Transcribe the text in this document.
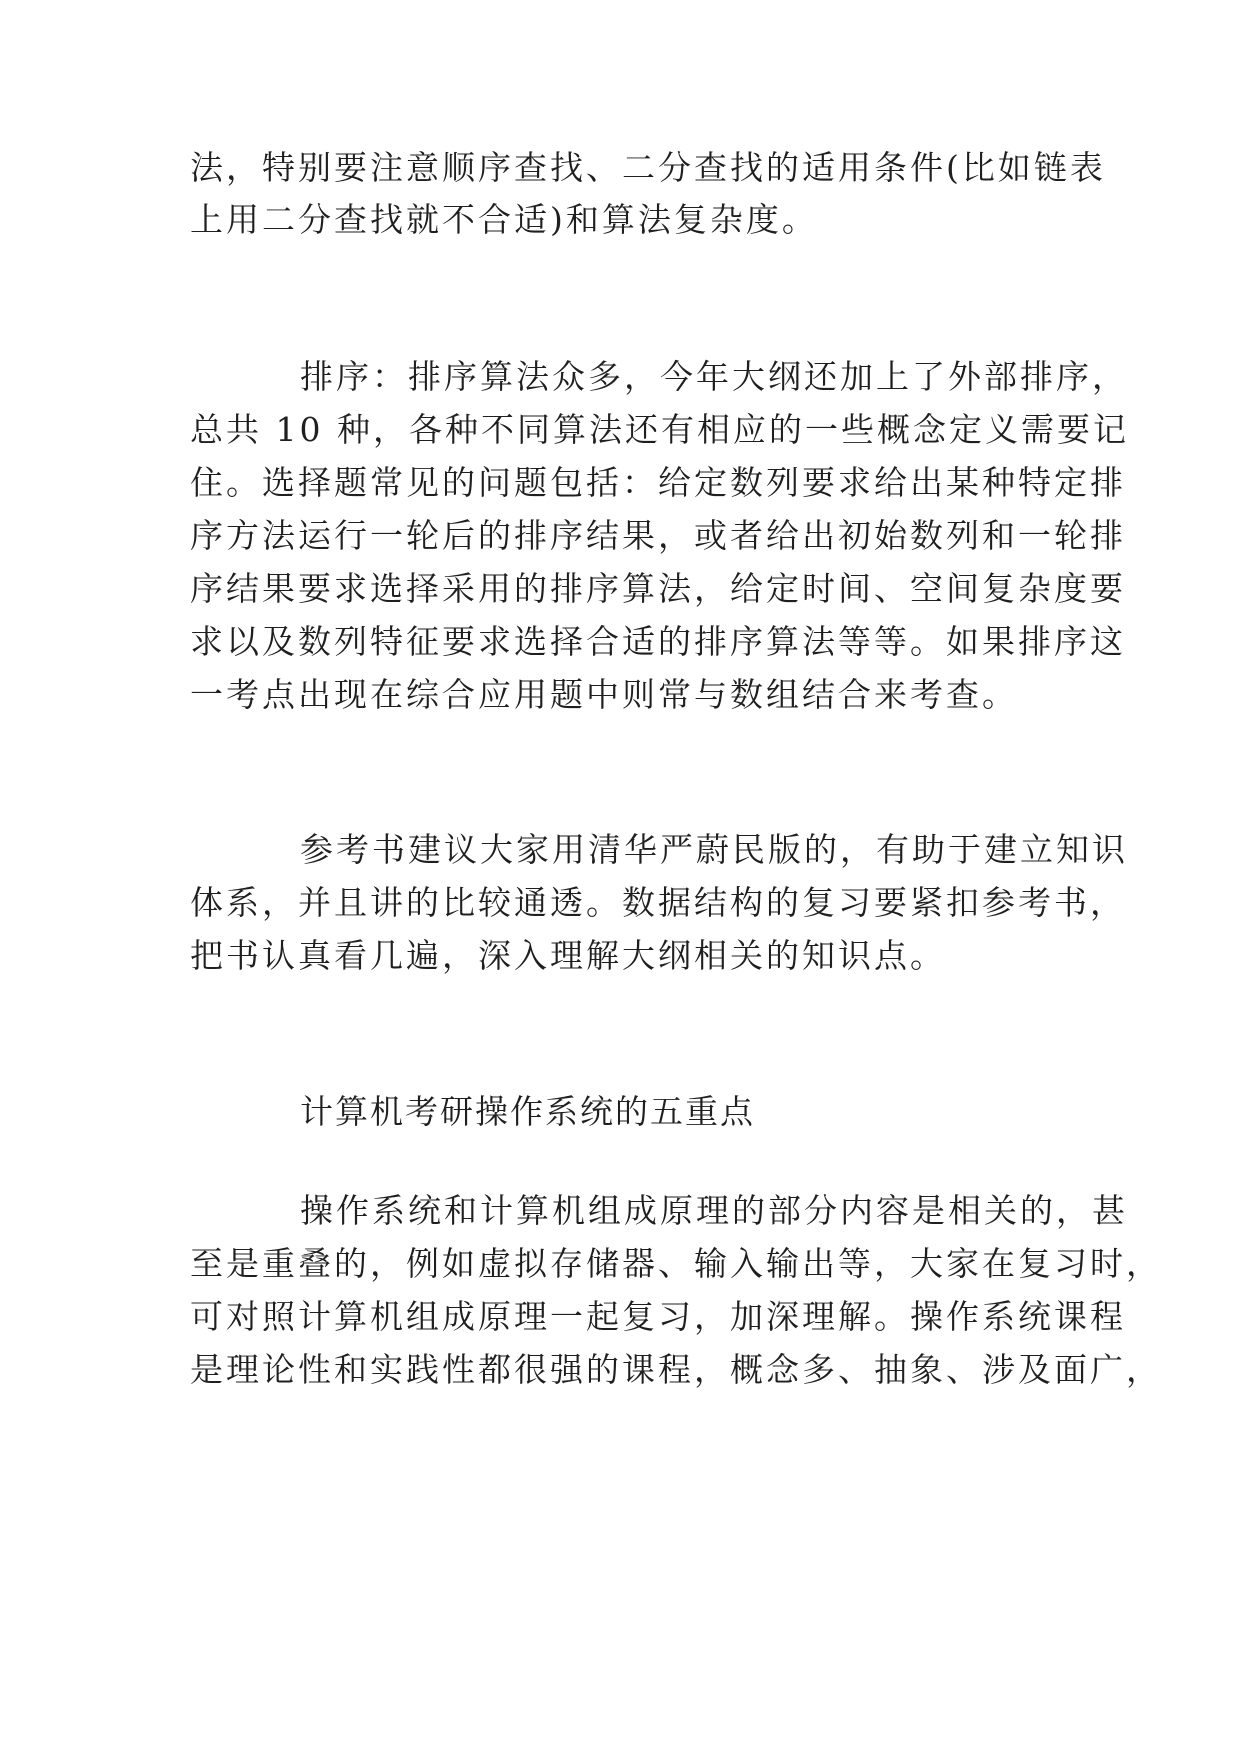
法，特别要注意顺序查找、二分查找的适用条件(比如链表

上用二分查找就不合适)和算法复杂度。

排序：排序算法众多，今年大纲还加上了外部排序，

总共 10 种，各种不同算法还有相应的一些概念定义需要记

住。选择题常见的问题包括：给定数列要求给出某种特定排

序方法运行一轮后的排序结果，或者给出初始数列和一轮排

序结果要求选择采用的排序算法，给定时间、空间复杂度要

求以及数列特征要求选择合适的排序算法等等。如果排序这

一考点出现在综合应用题中则常与数组结合来考查。

参考书建议大家用清华严蔚民版的，有助于建立知识

体系，并且讲的比较通透。数据结构的复习要紧扣参考书，

把书认真看几遍，深入理解大纲相关的知识点。

计算机考研操作系统的五重点

操作系统和计算机组成原理的部分内容是相关的，甚

至是重叠的，例如虚拟存储器、输入输出等，大家在复习时，

可对照计算机组成原理一起复习，加深理解。操作系统课程

是理论性和实践性都很强的课程，概念多、抽象、涉及面广，
